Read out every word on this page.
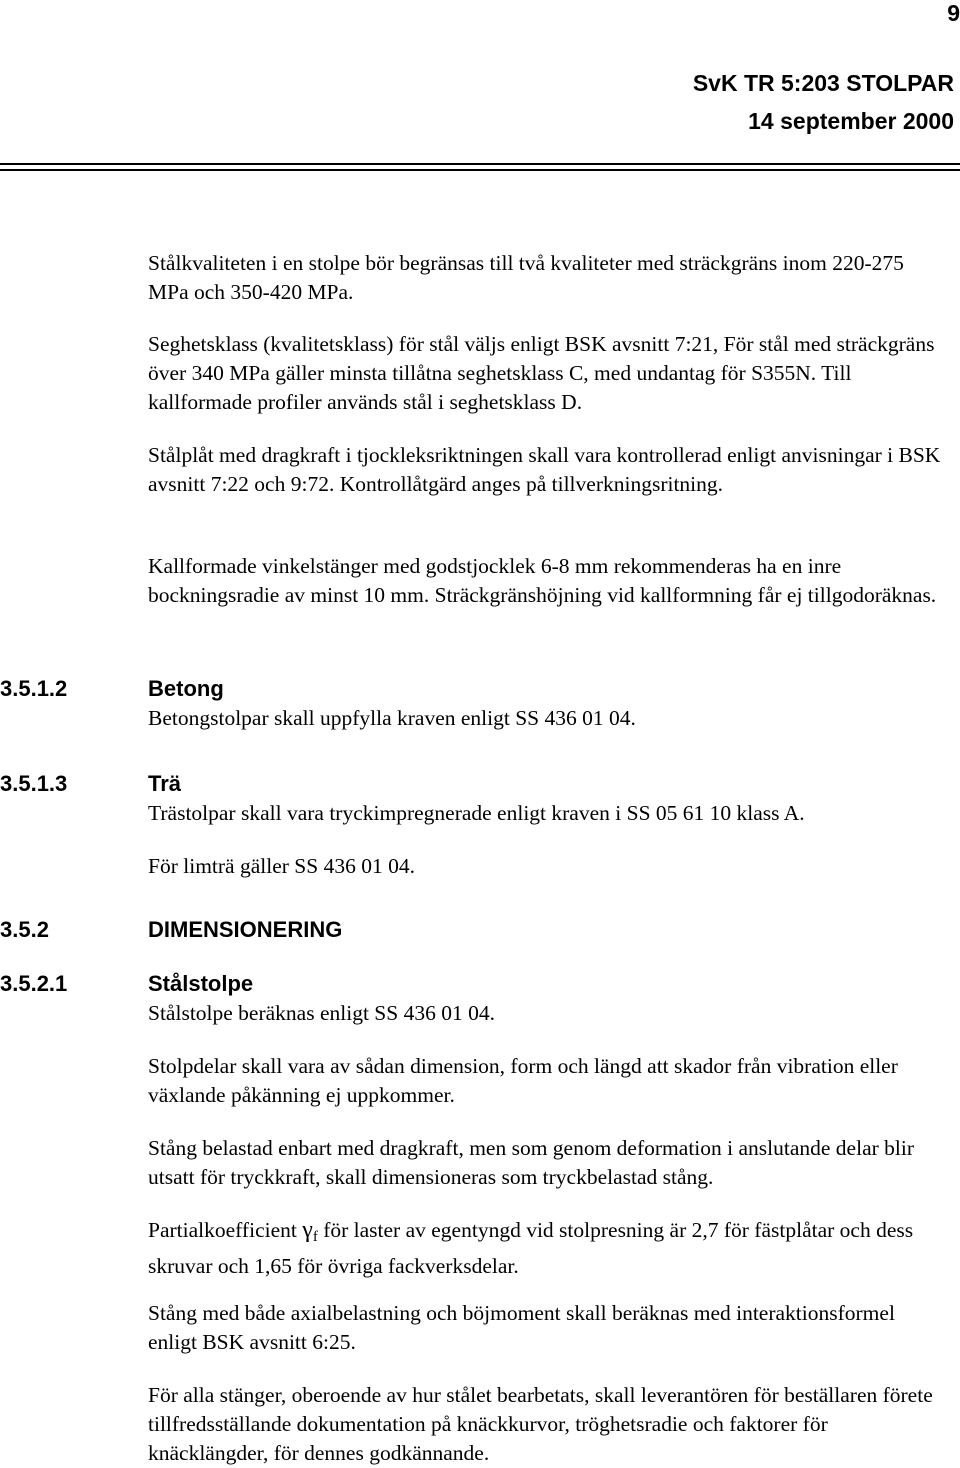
9
SvK TR 5:203 STOLPAR
14 september 2000

Stålkvaliteten i en stolpe bör begränsas till två kvaliteter med sträckgräns inom 220-275 MPa och 350-420 MPa.

Seghetsklass (kvalitetsklass) för stål väljs enligt BSK avsnitt 7:21, För stål med sträckgräns över 340 MPa gäller minsta tillåtna seghetsklass C, med undantag för S355N. Till kallformade profiler används stål i seghetsklass D.

Stålplåt med dragkraft i tjockleksriktningen skall vara kontrollerad enligt anvisningar i BSK avsnitt 7:22 och 9:72. Kontrollåtgärd anges på tillverkningsritning.

Kallformade vinkelstänger med godstjocklek 6-8 mm rekommenderas ha en inre bockningsradie av minst 10 mm. Sträckgränshöjning vid kallformning får ej tillgodoräknas.

3.5.1.2	Betong

Betongstolpar skall uppfylla kraven enligt SS 436 01 04.

3.5.1.3	Trä

Trästolpar skall vara tryckimpregnerade enligt kraven i SS 05 61 10 klass A.

För limträ gäller SS 436 01 04.

3.5.2	DIMENSIONERING
3.5.2.1	Stålstolpe

Stålstolpe beräknas enligt SS 436 01 04.

Stolpdelar skall vara av sådan dimension, form och längd att skador från vibration eller växlande påkänning ej uppkommer.

Stång belastad enbart med dragkraft, men som genom deformation i anslutande delar blir utsatt för tryckkraft, skall dimensioneras som tryckbelastad stång.

Partialkoefficient $\gamma_f$ för laster av egentyngd vid stolpresning är 2,7 för fästplåtar och dess skruvar och 1,65 för övriga fackverksdelar.

Stång med både axialbelastning och böjmoment skall beräknas med interaktionsformel enligt BSK avsnitt 6:25.

För alla stänger, oberoende av hur stålet bearbetats, skall leverantören för beställaren förete tillfredsställande dokumentation på knäckkurvor, tröghetsradie och faktorer för knäcklängder, för dennes godkännande.
